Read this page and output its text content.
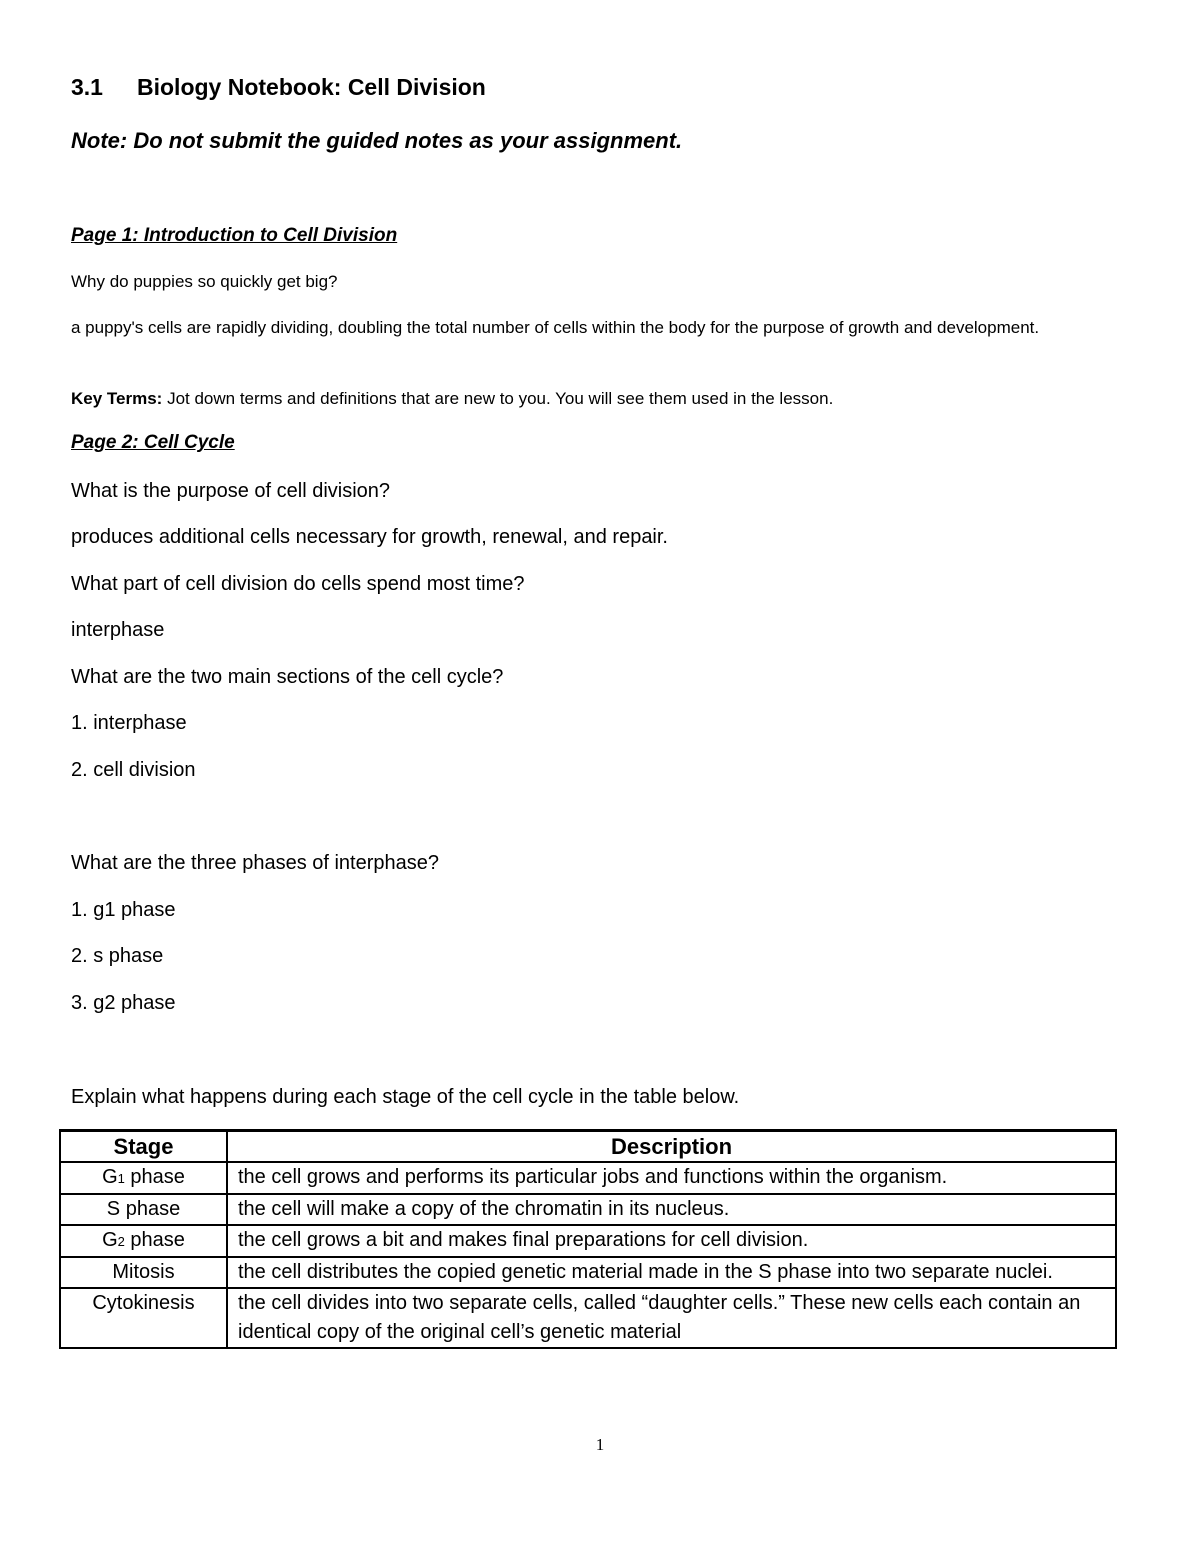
3.1 Biology Notebook: Cell Division
Note: Do not submit the guided notes as your assignment.
Page 1: Introduction to Cell Division
Why do puppies so quickly get big?
a puppy's cells are rapidly dividing, doubling the total number of cells within the body for the purpose of growth and development.
Key Terms: Jot down terms and definitions that are new to you. You will see them used in the lesson.
Page 2: Cell Cycle
What is the purpose of cell division?
produces additional cells necessary for growth, renewal, and repair.
What part of cell division do cells spend most time?
interphase
What are the two main sections of the cell cycle?
1. interphase
2. cell division
What are the three phases of interphase?
1. g1 phase
2. s phase
3. g2 phase
Explain what happens during each stage of the cell cycle in the table below.
Stage	Description
G1 phase	the cell grows and performs its particular jobs and functions within the organism.
S phase	the cell will make a copy of the chromatin in its nucleus.
G2 phase	the cell grows a bit and makes final preparations for cell division.
Mitosis	the cell distributes the copied genetic material made in the S phase into two separate nuclei.
Cytokinesis	the cell divides into two separate cells, called “daughter cells.” These new cells each contain an identical copy of the original cell’s genetic material
1
